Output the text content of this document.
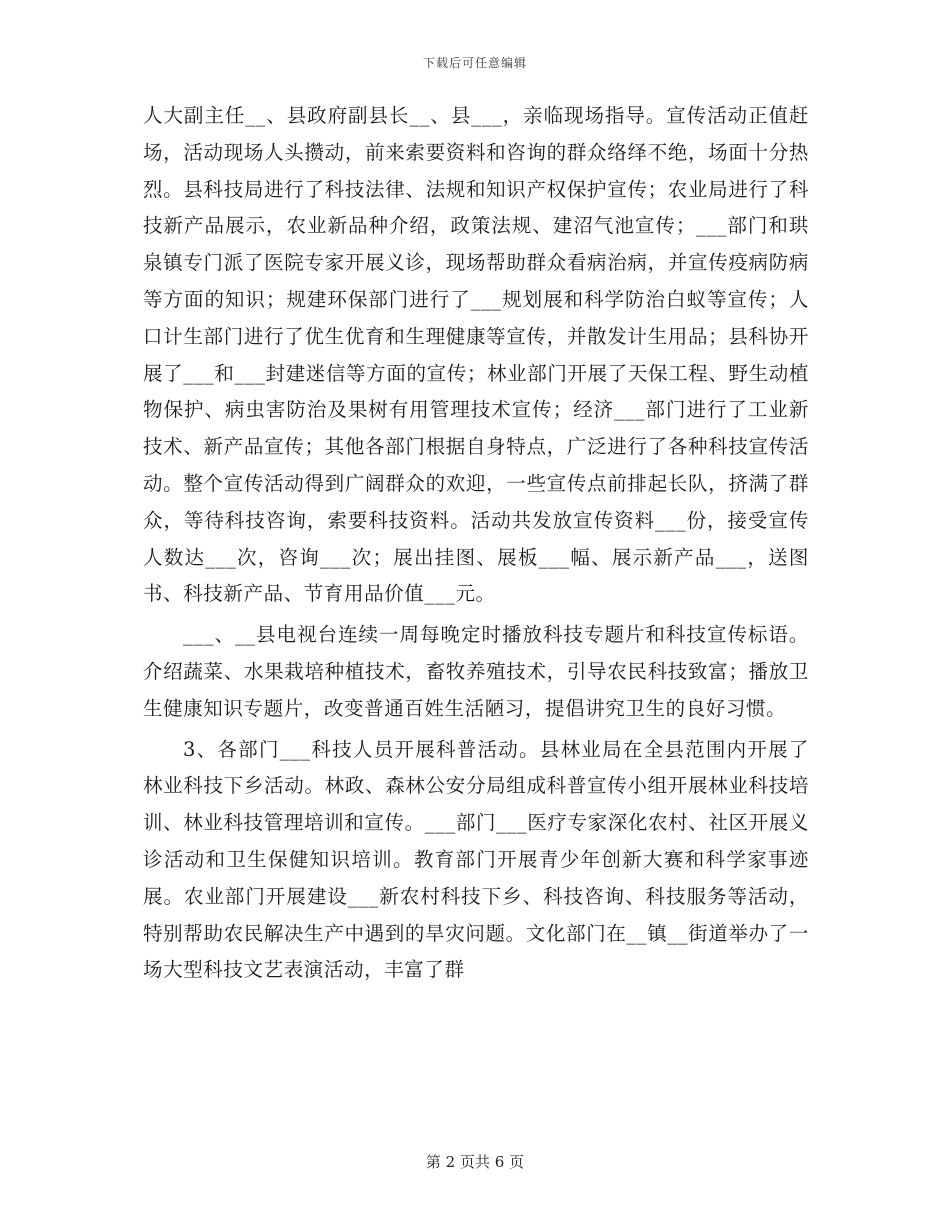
下载后可任意编辑

人大副主任__、县政府副县长__、县___，亲临现场指导。宣传活动正值赶场，活动现场人头攒动，前来索要资料和咨询的群众络绎不绝，场面十分热烈。县科技局进行了科技法律、法规和知识产权保护宣传；农业局进行了科技新产品展示，农业新品种介绍，政策法规、建沼气池宣传；___部门和珙泉镇专门派了医院专家开展义诊，现场帮助群众看病治病，并宣传疫病防病等方面的知识；规建环保部门进行了___规划展和科学防治白蚁等宣传；人口计生部门进行了优生优育和生理健康等宣传，并散发计生用品；县科协开展了___和___封建迷信等方面的宣传；林业部门开展了天保工程、野生动植物保护、病虫害防治及果树有用管理技术宣传；经济___部门进行了工业新技术、新产品宣传；其他各部门根据自身特点，广泛进行了各种科技宣传活动。整个宣传活动得到广阔群众的欢迎，一些宣传点前排起长队，挤满了群众，等待科技咨询，索要科技资料。活动共发放宣传资料___份，接受宣传人数达___次，咨询___次；展出挂图、展板___幅、展示新产品___，送图书、科技新产品、节育用品价值___元。

___、__县电视台连续一周每晚定时播放科技专题片和科技宣传标语。介绍蔬菜、水果栽培种植技术，畜牧养殖技术，引导农民科技致富；播放卫生健康知识专题片，改变普通百姓生活陋习，提倡讲究卫生的良好习惯。

3、各部门___科技人员开展科普活动。县林业局在全县范围内开展了林业科技下乡活动。林政、森林公安分局组成科普宣传小组开展林业科技培训、林业科技管理培训和宣传。___部门___医疗专家深化农村、社区开展义诊活动和卫生保健知识培训。教育部门开展青少年创新大赛和科学家事迹展。农业部门开展建设___新农村科技下乡、科技咨询、科技服务等活动，特别帮助农民解决生产中遇到的旱灾问题。文化部门在__镇__街道举办了一场大型科技文艺表演活动，丰富了群

第 2 页共 6 页
